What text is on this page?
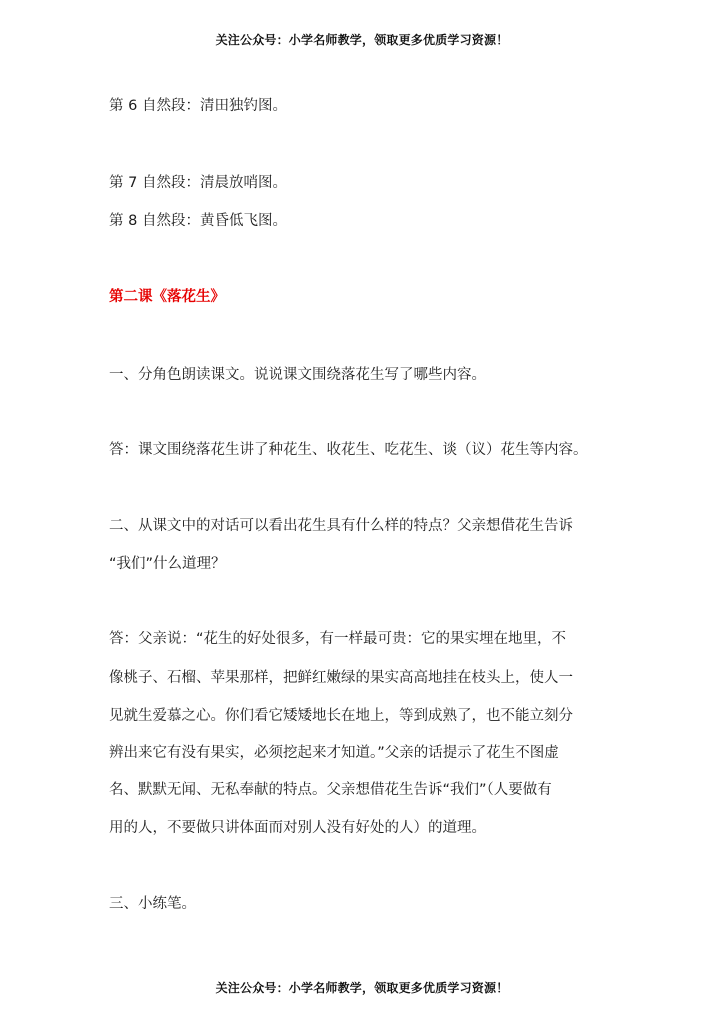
关注公众号：小学名师教学，领取更多优质学习资源！
第 6 自然段：清田独钓图。
第 7 自然段：清晨放哨图。
第 8 自然段：黄昏低飞图。
第二课《落花生》
一、分角色朗读课文。说说课文围绕落花生写了哪些内容。
答：课文围绕落花生讲了种花生、收花生、吃花生、谈（议）花生等内容。
二、从课文中的对话可以看出花生具有什么样的特点？父亲想借花生告诉
“我们”什么道理？
答：父亲说：“花生的好处很多，有一样最可贵：它的果实埋在地里，不
像桃子、石榴、苹果那样，把鲜红嫩绿的果实高高地挂在枝头上，使人一
见就生爱慕之心。你们看它矮矮地长在地上，等到成熟了，也不能立刻分
辨出来它有没有果实，必须挖起来才知道。”父亲的话提示了花生不图虚
名、默默无闻、无私奉献的特点。父亲想借花生告诉“我们”（人要做有
用的人，不要做只讲体面而对别人没有好处的人）的道理。
三、小练笔。
关注公众号：小学名师教学，领取更多优质学习资源！
